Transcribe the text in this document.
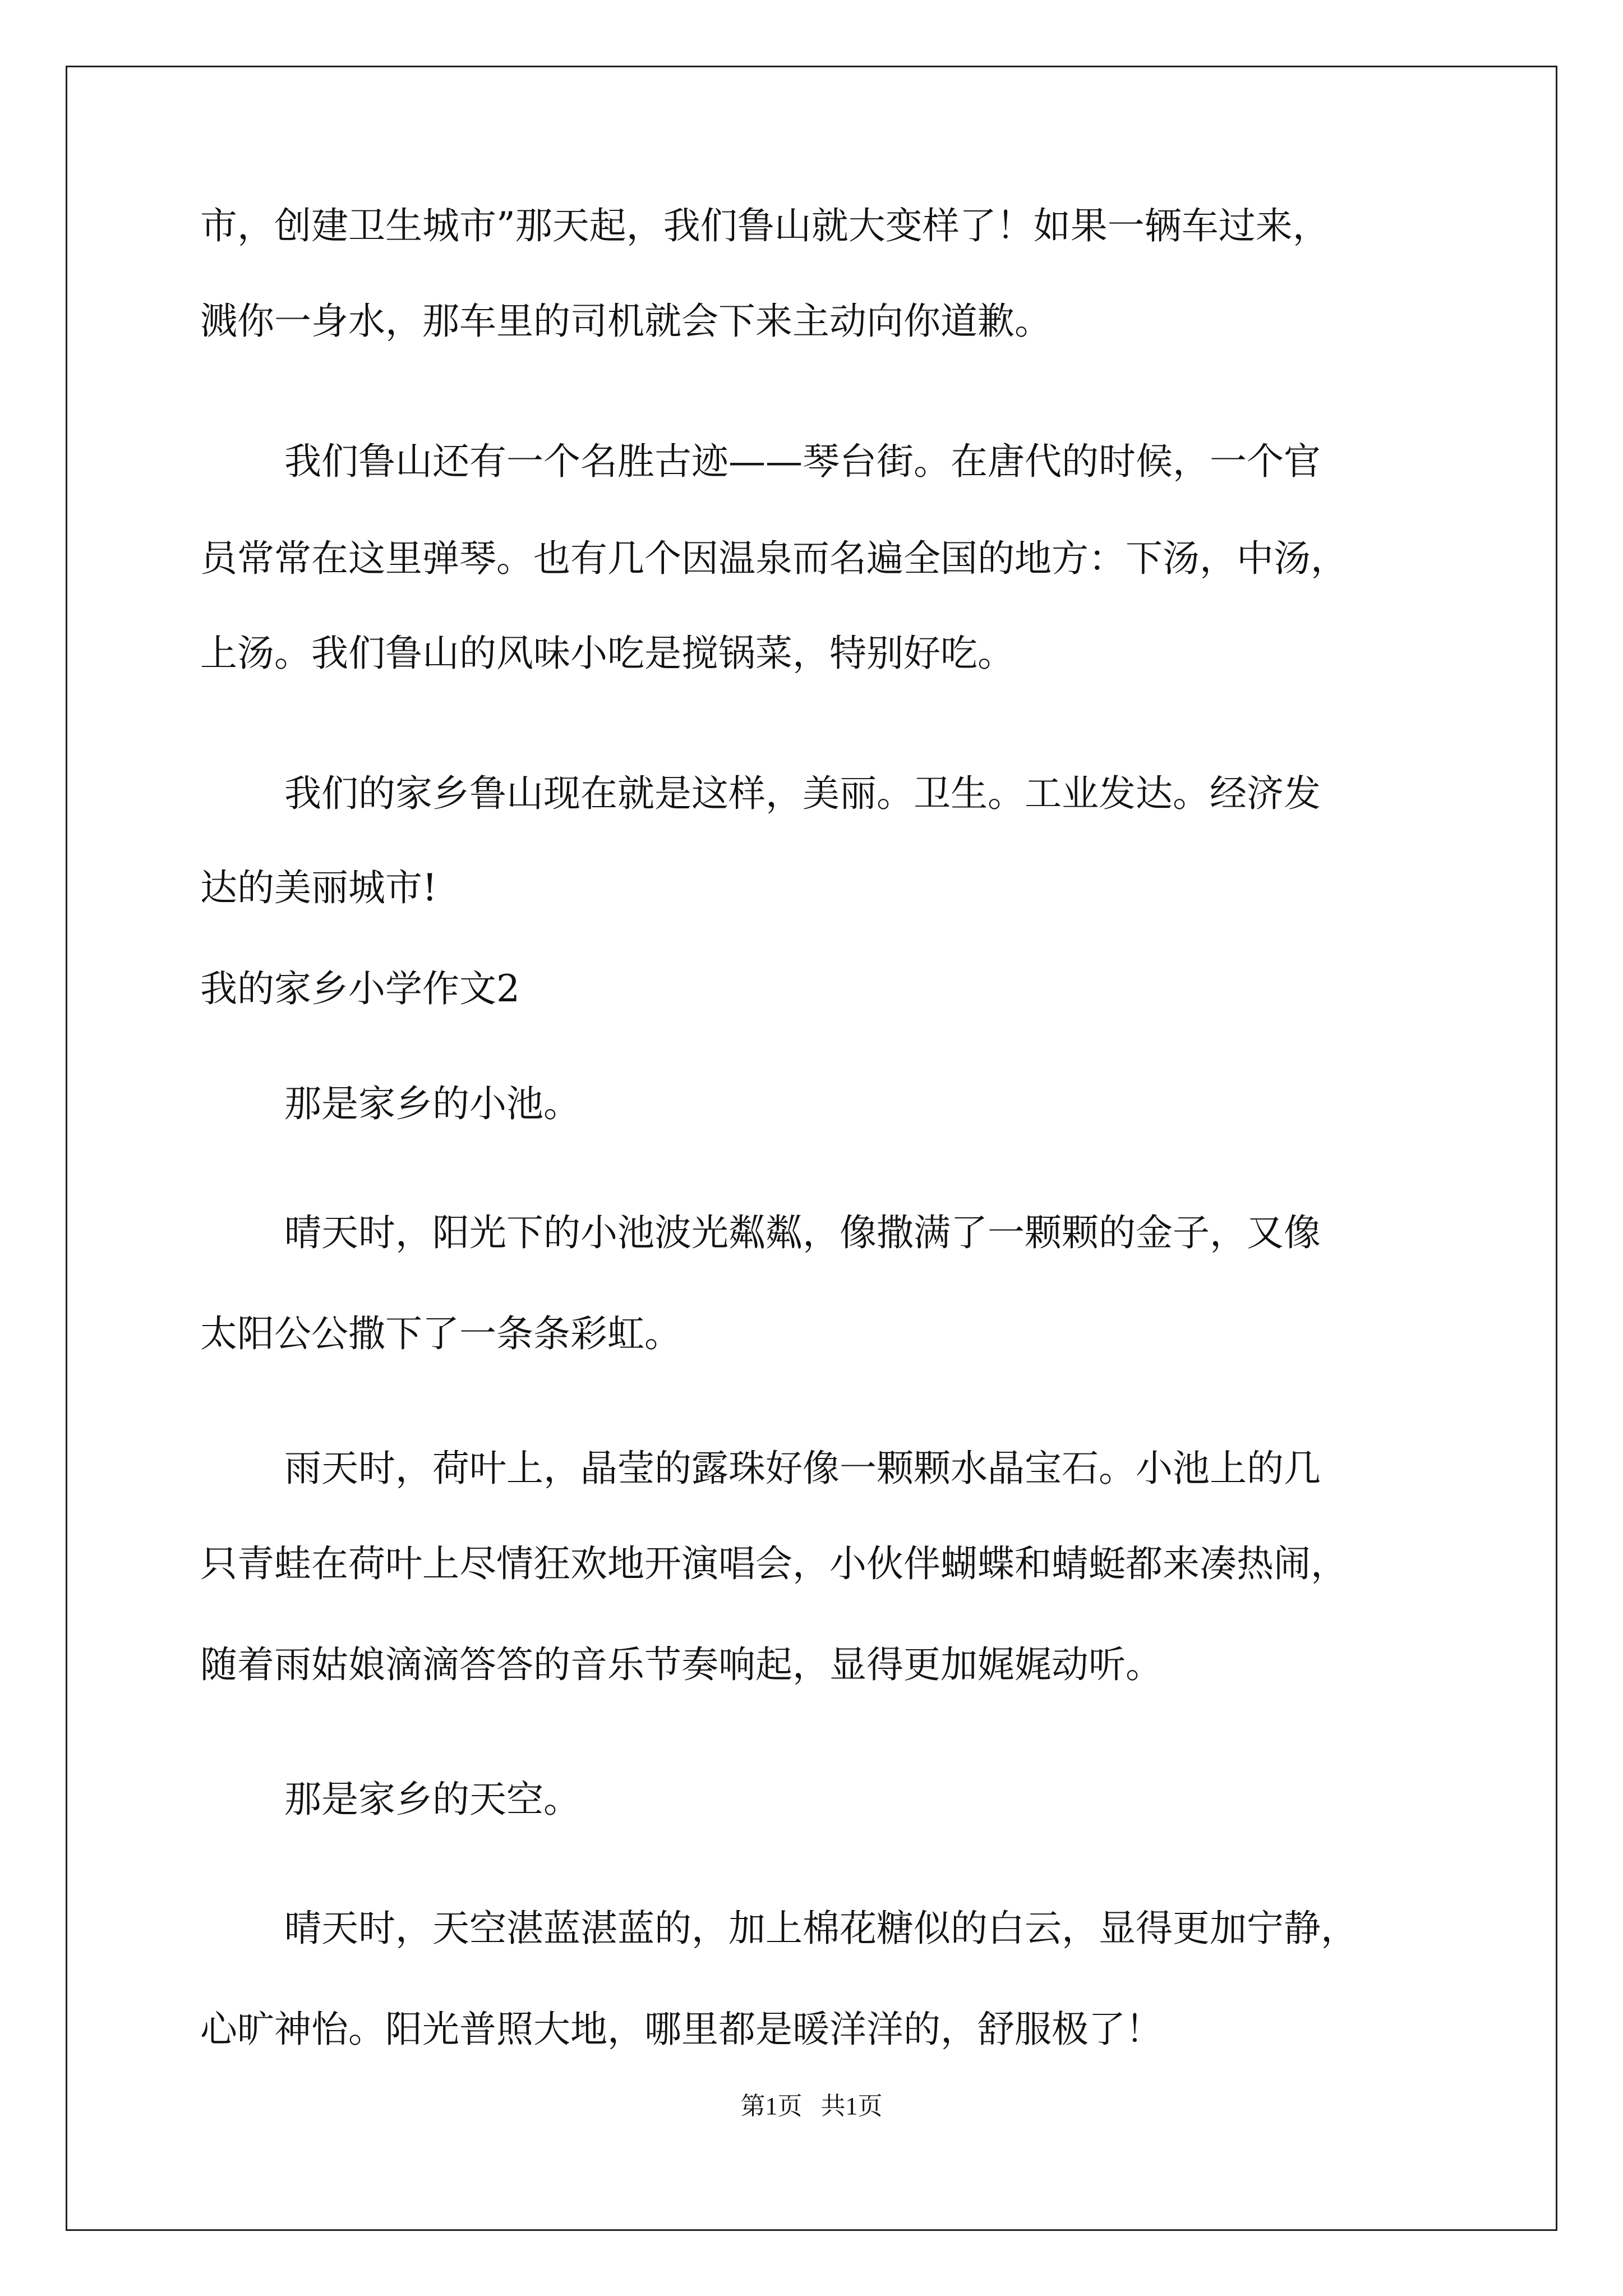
市，创建卫生城市”那天起，我们鲁山就大变样了！如果一辆车过来，

溅你一身水，那车里的司机就会下来主动向你道歉。

我们鲁山还有一个名胜古迹——琴台街。在唐代的时候，一个官

员常常在这里弹琴。也有几个因温泉而名遍全国的地方：下汤，中汤，

上汤。我们鲁山的风味小吃是搅锅菜，特别好吃。

我们的家乡鲁山现在就是这样，美丽。卫生。工业发达。经济发

达的美丽城市!

我的家乡小学作文2

那是家乡的小池。

晴天时，阳光下的小池波光粼粼，像撒满了一颗颗的金子，又像

太阳公公撒下了一条条彩虹。

雨天时，荷叶上，晶莹的露珠好像一颗颗水晶宝石。小池上的几

只青蛙在荷叶上尽情狂欢地开演唱会，小伙伴蝴蝶和蜻蜓都来凑热闹，

随着雨姑娘滴滴答答的音乐节奏响起，显得更加娓娓动听。

那是家乡的天空。

晴天时，天空湛蓝湛蓝的，加上棉花糖似的白云，显得更加宁静，

心旷神怡。阳光普照大地，哪里都是暖洋洋的，舒服极了！

第1页   共1页
